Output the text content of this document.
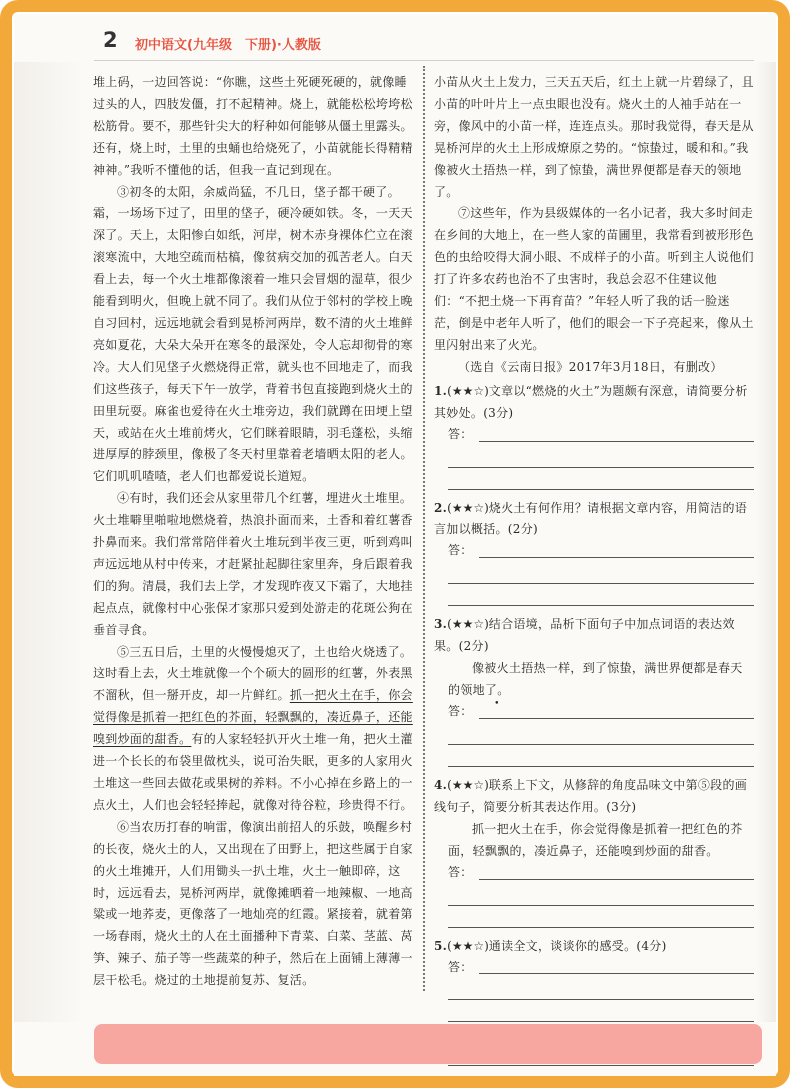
2 初中语文(九年级　下册)·人教版

堆上码，一边回答说：“你瞧，这些土死硬死硬的，就像睡过头的人，四肢发僵，打不起精神。烧上，就能松松垮垮松松筋骨。要不，那些针尖大的籽种如何能够从僵土里露头。还有，烧上时，土里的虫蛹也给烧死了，小苗就能长得精精神神。”我听不懂他的话，但我一直记到现在。

③初冬的太阳，余威尚猛，不几日，垡子都干硬了。霜，一场场下过了，田里的垡子，硬冷硬如铁。冬，一天天深了。天上，太阳惨白如纸，河岸，树木赤身裸体伫立在滚滚寒流中，大地空疏而枯槁，像贫病交加的孤苦老人。白天看上去，每一个火土堆都像滚着一堆只会冒烟的湿草，很少能看到明火，但晚上就不同了。我们从位于邻村的学校上晚自习回村，远远地就会看到晃桥河两岸，数不清的火土堆鲜亮如夏花，大朵大朵开在寒冬的最深处，令人忘却彻骨的寒冷。大人们见垡子火燃烧得正常，就头也不回地走了，而我们这些孩子，每天下午一放学，背着书包直接跑到烧火土的田里玩耍。麻雀也爱待在火土堆旁边，我们就蹲在田埂上望天，或站在火土堆前烤火，它们眯着眼睛，羽毛蓬松，头缩进厚厚的脖颈里，像极了冬天村里靠着老墙晒太阳的老人。它们叽叽喳喳，老人们也都爱说长道短。

④有时，我们还会从家里带几个红薯，埋进火土堆里。火土堆噼里啪啦地燃烧着，热浪扑面而来，土香和着红薯香扑鼻而来。我们常常陪伴着火土堆玩到半夜三更，听到鸡叫声远远地从村中传来，才赶紧扯起脚往家里奔，身后跟着我们的狗。清晨，我们去上学，才发现昨夜又下霜了，大地挂起点点，就像村中心张保才家那只爱到处游走的花斑公狗在垂首寻食。

⑤三五日后，土里的火慢慢熄灭了，土也给火烧透了。这时看上去，火土堆就像一个个硕大的圆形的红薯，外表黑不溜秋，但一掰开皮，却一片鲜红。抓一把火土在手，你会觉得像是抓着一把红色的芥面，轻飘飘的，凑近鼻子，还能嗅到炒面的甜香。有的人家轻轻扒开火土堆一角，把火土灌进一个长长的布袋里做枕头，说可治失眠，更多的人家用火土堆这一些回去做花或果树的养料。不小心掉在乡路上的一点火土，人们也会轻轻捧起，就像对待谷粒，珍贵得不行。

⑥当农历打春的响雷，像演出前招人的乐鼓，唤醒乡村的长夜，烧火土的人，又出现在了田野上，把这些属于自家的火土堆摊开，人们用锄头一扒土堆，火土一触即碎，这时，远远看去，晃桥河两岸，就像摊晒着一地辣椒、一地高粱或一地荞麦，更像落了一地灿亮的红霞。紧接着，就着第一场春雨，烧火土的人在土面播种下青菜、白菜、茎蓝、莴笋、辣子、茄子等一些蔬菜的种子，然后在上面铺上薄薄一层干松毛。烧过的土地提前复苏、复活。

小苗从火土上发力，三天五天后，红土上就一片碧绿了，且小苗的叶叶片上一点虫眼也没有。烧火土的人袖手站在一旁，像风中的小苗一样，连连点头。那时我觉得，春天是从晃桥河岸的火土上形成燎原之势的。“惊蛰过，暖和和。”我像被火土捂热一样，到了惊蛰，满世界便都是春天的领地了。

⑦这些年，作为县级媒体的一名小记者，我大多时间走在乡间的大地上，在一些人家的苗圃里，我常看到被形形色色的虫给咬得大洞小眼、不成样子的小苗。听到主人说他们打了许多农药也治不了虫害时，我总会忍不住建议他们：“不把土烧一下再育苗？”年轻人听了我的话一脸迷茫，倒是中老年人听了，他们的眼会一下子亮起来，像从土里闪射出来了火光。

（选自《云南日报》2017年3月18日，有删改）

1.(★★☆)文章以“燃烧的火土”为题颇有深意，请简要分析其妙处。(3分)

答：

2.(★★☆)烧火土有何作用？请根据文章内容，用简洁的语言加以概括。(2分)

答：

3.(★★☆)结合语境，品析下面句子中加点词语的表达效果。(2分)

像被火土捂热一样，到了惊蛰，满世界便都是春天的领地 •了。

答：

4.(★★☆)联系上下文，从修辞的角度品味文中第⑤段的画线句子，简要分析其表达作用。(3分)

抓一把火土在手，你会觉得像是抓着一把红色的芥面，轻飘飘的，凑近鼻子，还能嗅到炒面的甜香。

答：

5.(★★☆)通读全文，谈谈你的感受。(4分)

答：
